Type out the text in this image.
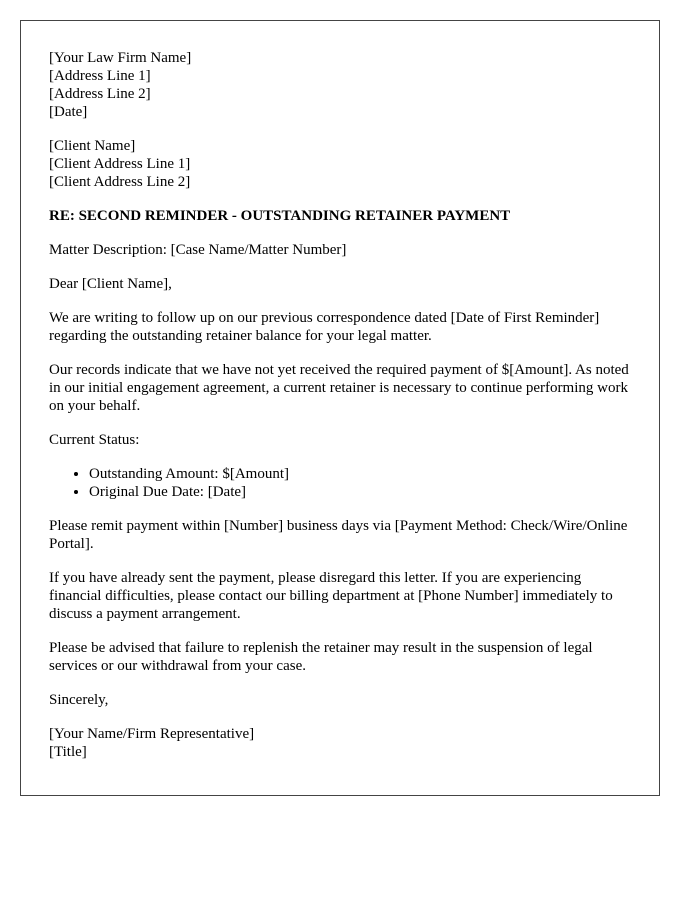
[Your Law Firm Name]
[Address Line 1]
[Address Line 2]
[Date]
[Client Name]
[Client Address Line 1]
[Client Address Line 2]

RE: SECOND REMINDER - OUTSTANDING RETAINER PAYMENT

Matter Description: [Case Name/Matter Number]

Dear [Client Name],

We are writing to follow up on our previous correspondence dated [Date of First Reminder] regarding the outstanding retainer balance for your legal matter.

Our records indicate that we have not yet received the required payment of $[Amount]. As noted in our initial engagement agreement, a current retainer is necessary to continue performing work on your behalf.

Current Status:

• Outstanding Amount: $[Amount]
• Original Due Date: [Date]

Please remit payment within [Number] business days via [Payment Method: Check/Wire/Online Portal].

If you have already sent the payment, please disregard this letter. If you are experiencing financial difficulties, please contact our billing department at [Phone Number] immediately to discuss a payment arrangement.

Please be advised that failure to replenish the retainer may result in the suspension of legal services or our withdrawal from your case.

Sincerely,

[Your Name/Firm Representative]
[Title]
